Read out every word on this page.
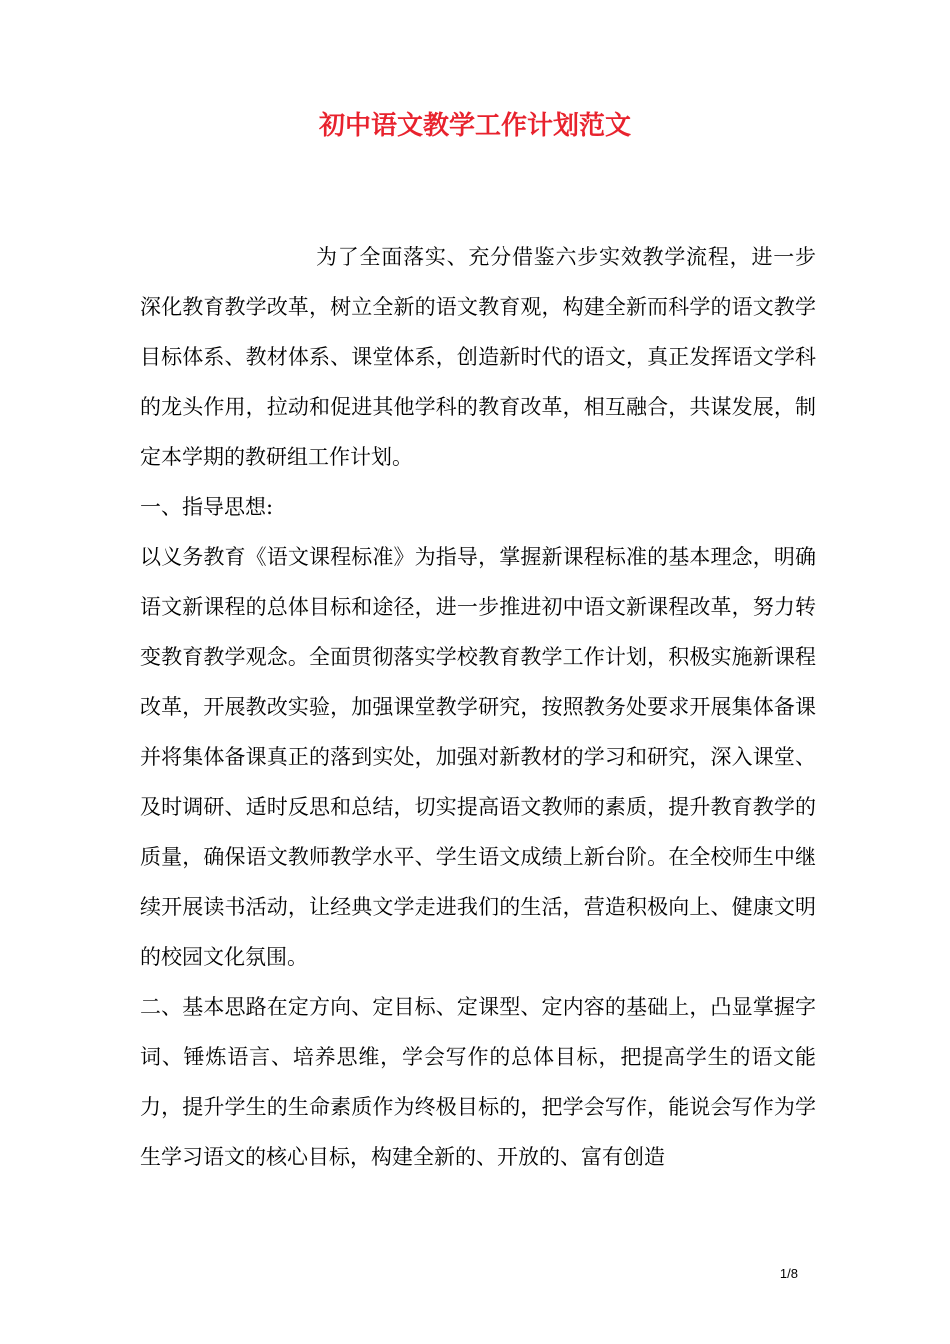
初中语文教学工作计划范文

为了全面落实、充分借鉴六步实效教学流程，进一步深化教育教学改革，树立全新的语文教育观，构建全新而科学的语文教学目标体系、教材体系、课堂体系，创造新时代的语文，真正发挥语文学科的龙头作用，拉动和促进其他学科的教育改革，相互融合，共谋发展，制定本学期的教研组工作计划。

一、指导思想:

以义务教育《语文课程标准》为指导，掌握新课程标准的基本理念，明确语文新课程的总体目标和途径，进一步推进初中语文新课程改革，努力转变教育教学观念。全面贯彻落实学校教育教学工作计划，积极实施新课程改革，开展教改实验，加强课堂教学研究，按照教务处要求开展集体备课并将集体备课真正的落到实处，加强对新教材的学习和研究，深入课堂、及时调研、适时反思和总结，切实提高语文教师的素质，提升教育教学的质量，确保语文教师教学水平、学生语文成绩上新台阶。在全校师生中继续开展读书活动，让经典文学走进我们的生活，营造积极向上、健康文明的校园文化氛围。

二、基本思路在定方向、定目标、定课型、定内容的基础上，凸显掌握字词、锤炼语言、培养思维，学会写作的总体目标，把提高学生的语文能力，提升学生的生命素质作为终极目标的，把学会写作，能说会写作为学生学习语文的核心目标，构建全新的、开放的、富有创造

1/8
